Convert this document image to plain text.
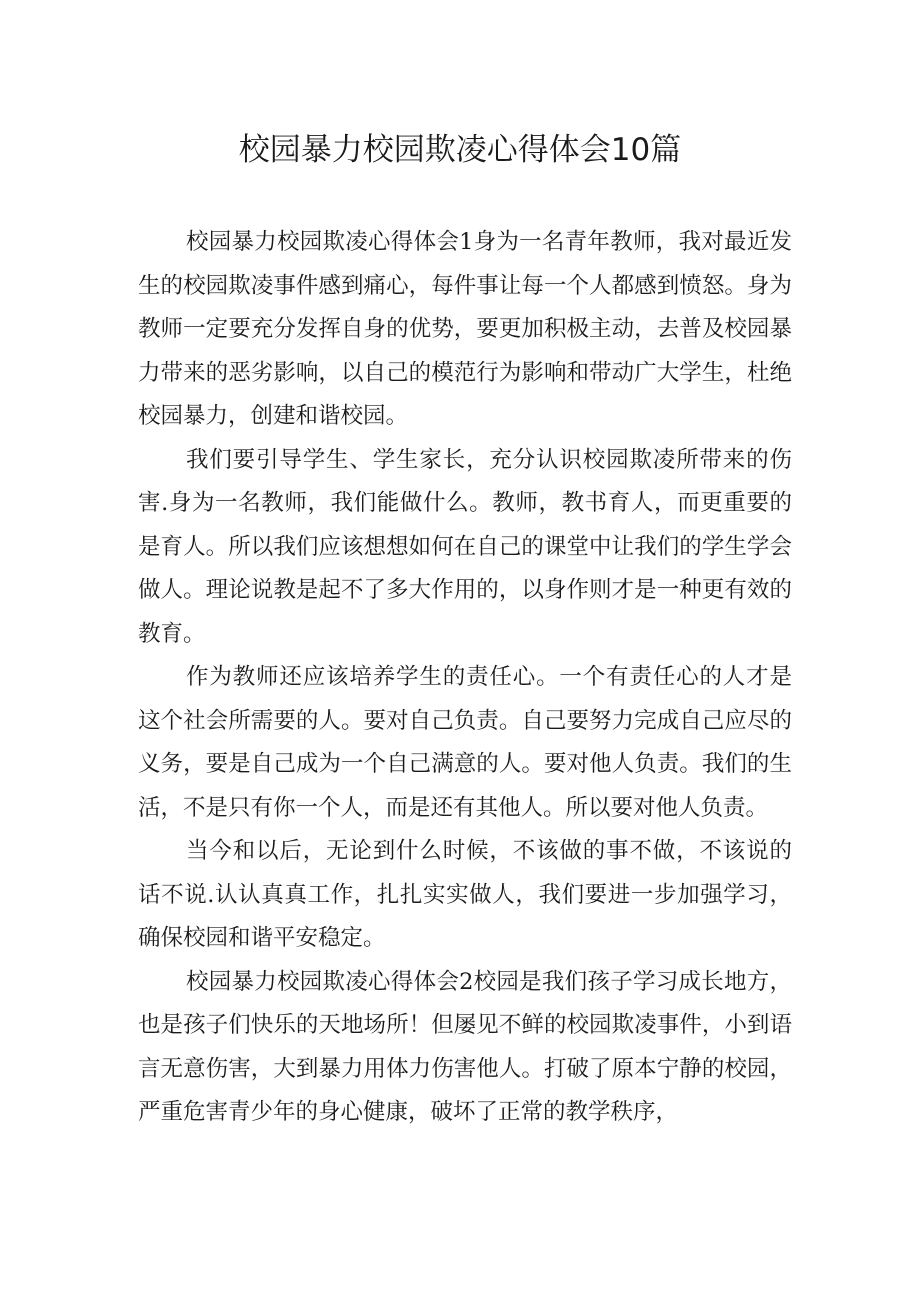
校园暴力校园欺凌心得体会10篇

校园暴力校园欺凌心得体会1身为一名青年教师，我对最近发生的校园欺凌事件感到痛心，每件事让每一个人都感到愤怒。身为教师一定要充分发挥自身的优势，要更加积极主动，去普及校园暴力带来的恶劣影响，以自己的模范行为影响和带动广大学生，杜绝校园暴力，创建和谐校园。

我们要引导学生、学生家长，充分认识校园欺凌所带来的伤害.身为一名教师，我们能做什么。教师，教书育人，而更重要的是育人。所以我们应该想想如何在自己的课堂中让我们的学生学会做人。理论说教是起不了多大作用的，以身作则才是一种更有效的教育。

作为教师还应该培养学生的责任心。一个有责任心的人才是这个社会所需要的人。要对自己负责。自己要努力完成自己应尽的义务，要是自己成为一个自己满意的人。要对他人负责。我们的生活，不是只有你一个人，而是还有其他人。所以要对他人负责。

当今和以后，无论到什么时候，不该做的事不做，不该说的话不说.认认真真工作，扎扎实实做人，我们要进一步加强学习，确保校园和谐平安稳定。

校园暴力校园欺凌心得体会2校园是我们孩子学习成长地方，也是孩子们快乐的天地场所！但屡见不鲜的校园欺凌事件，小到语言无意伤害，大到暴力用体力伤害他人。打破了原本宁静的校园，严重危害青少年的身心健康，破坏了正常的教学秩序，
